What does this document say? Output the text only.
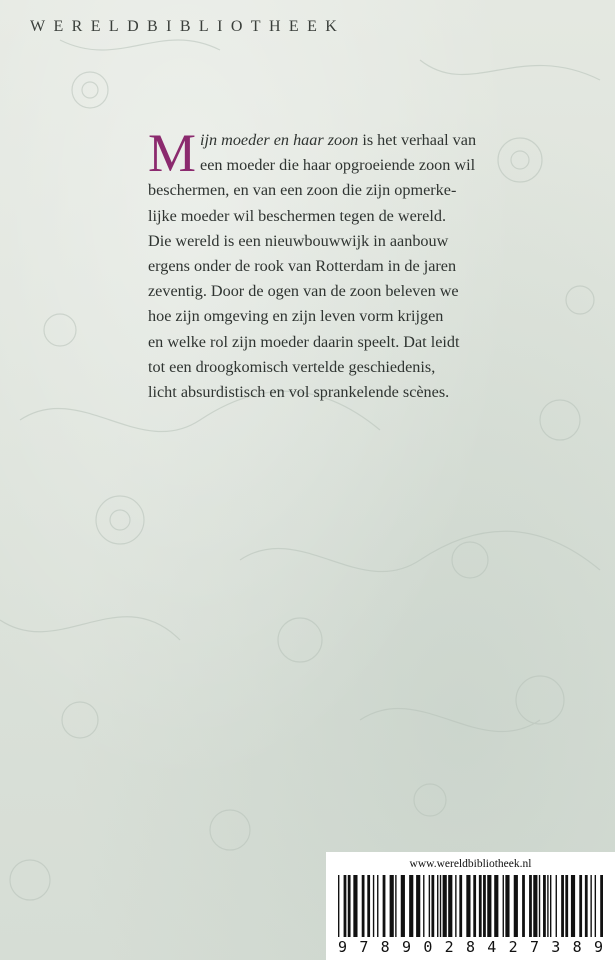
WERELDBIBLIOTHEEK
M ijn moeder en haar zoon is het verhaal van
een moeder die haar opgroeiende zoon wil
beschermen, en van een zoon die zijn opmerke-
lijke moeder wil beschermen tegen de wereld.
Die wereld is een nieuwbouwwijk in aanbouw
ergens onder de rook van Rotterdam in de jaren
zeventig. Door de ogen van de zoon beleven we
hoe zijn omgeving en zijn leven vorm krijgen
en welke rol zijn moeder daarin speelt. Dat leidt
tot een droogkomisch vertelde geschiedenis,
licht absurdistisch en vol sprankelende scènes.
www.wereldbibliotheek.nl
9 7 8 9 0 2 8 4 2 7 3 8 9
